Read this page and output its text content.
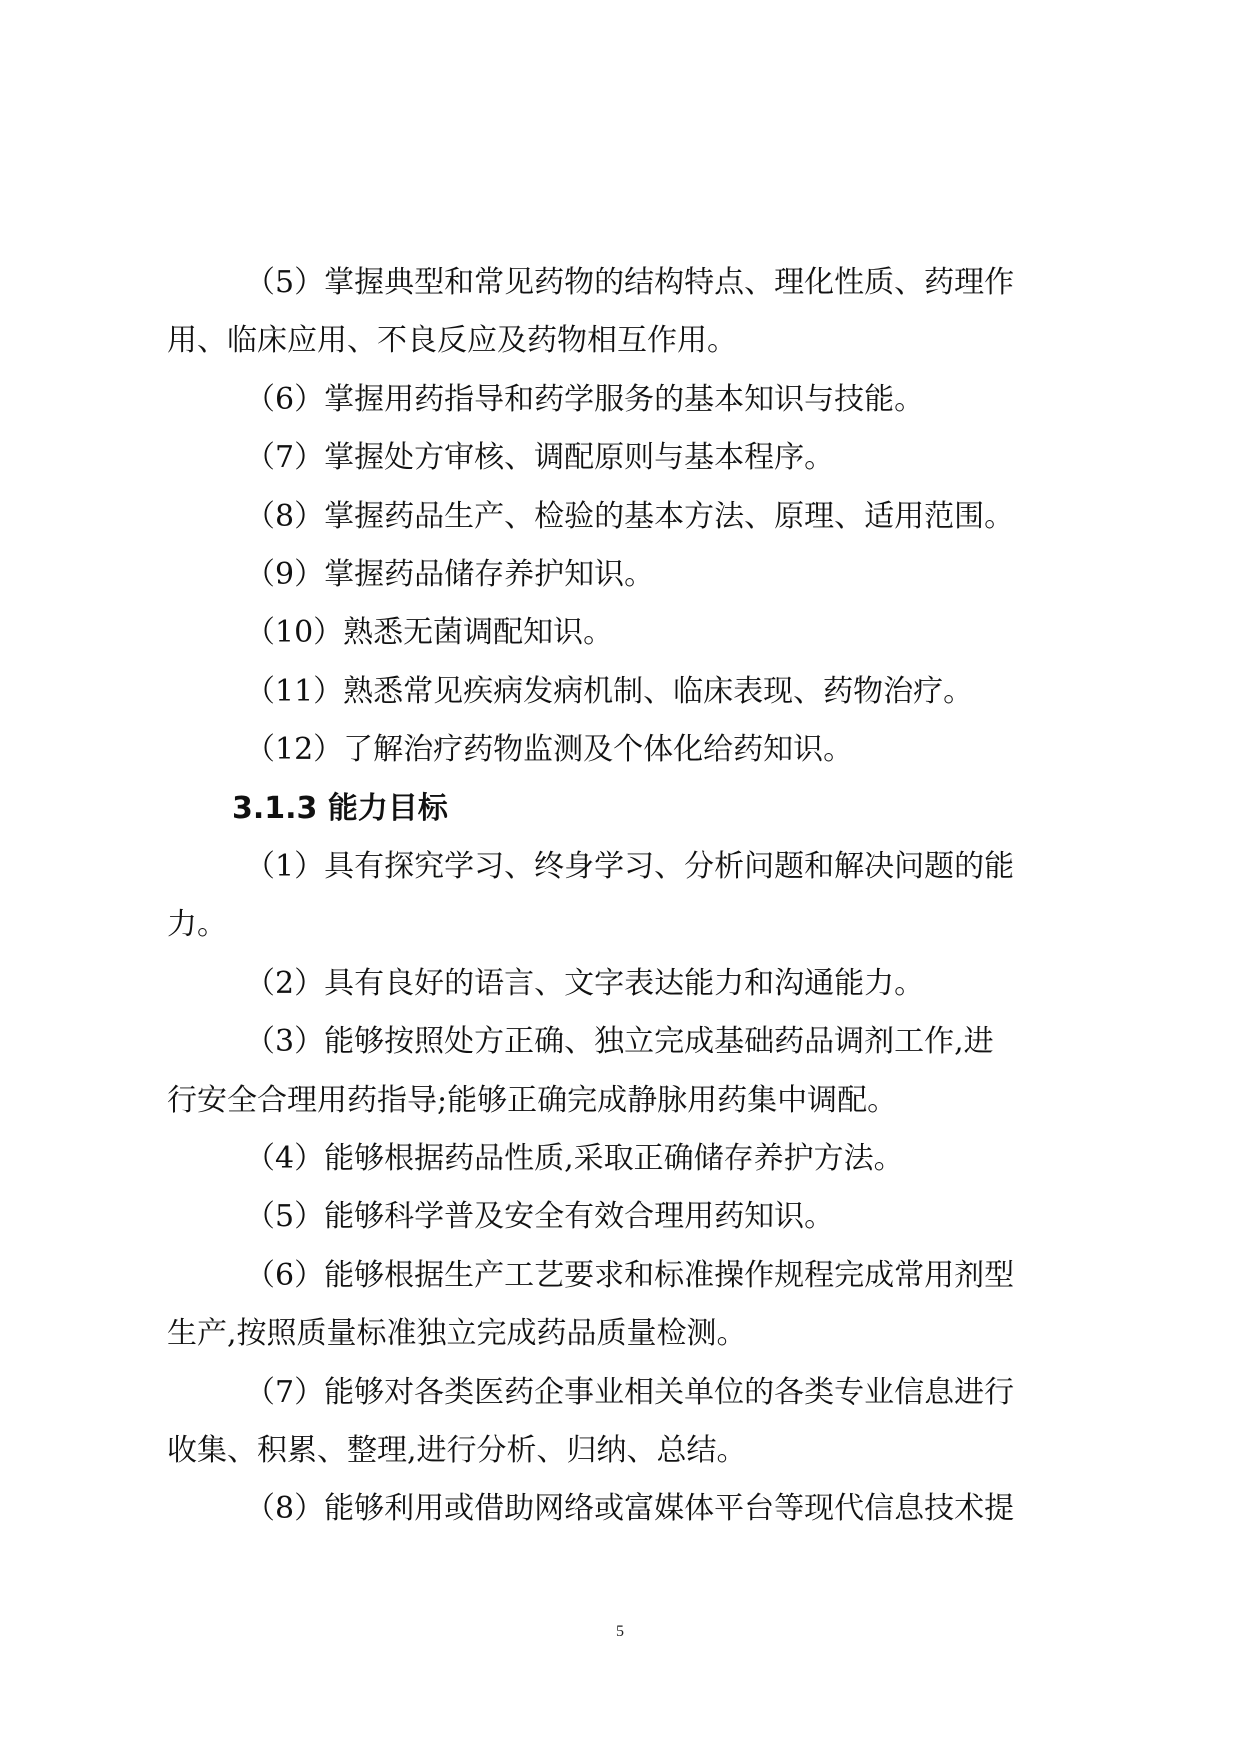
（5）掌握典型和常见药物的结构特点、理化性质、药理作

用、临床应用、不良反应及药物相互作用。

（6）掌握用药指导和药学服务的基本知识与技能。

（7）掌握处方审核、调配原则与基本程序。

（8）掌握药品生产、检验的基本方法、原理、适用范围。

（9）掌握药品储存养护知识。

（10）熟悉无菌调配知识。

（11）熟悉常见疾病发病机制、临床表现、药物治疗。

（12）了解治疗药物监测及个体化给药知识。

3.1.3 能力目标

（1）具有探究学习、终身学习、分析问题和解决问题的能

力。

（2）具有良好的语言、文字表达能力和沟通能力。

（3）能够按照处方正确、独立完成基础药品调剂工作,进

行安全合理用药指导;能够正确完成静脉用药集中调配。

（4）能够根据药品性质,采取正确储存养护方法。

（5）能够科学普及安全有效合理用药知识。

（6）能够根据生产工艺要求和标准操作规程完成常用剂型

生产,按照质量标准独立完成药品质量检测。

（7）能够对各类医药企事业相关单位的各类专业信息进行

收集、积累、整理,进行分析、归纳、总结。

（8）能够利用或借助网络或富媒体平台等现代信息技术提

5
